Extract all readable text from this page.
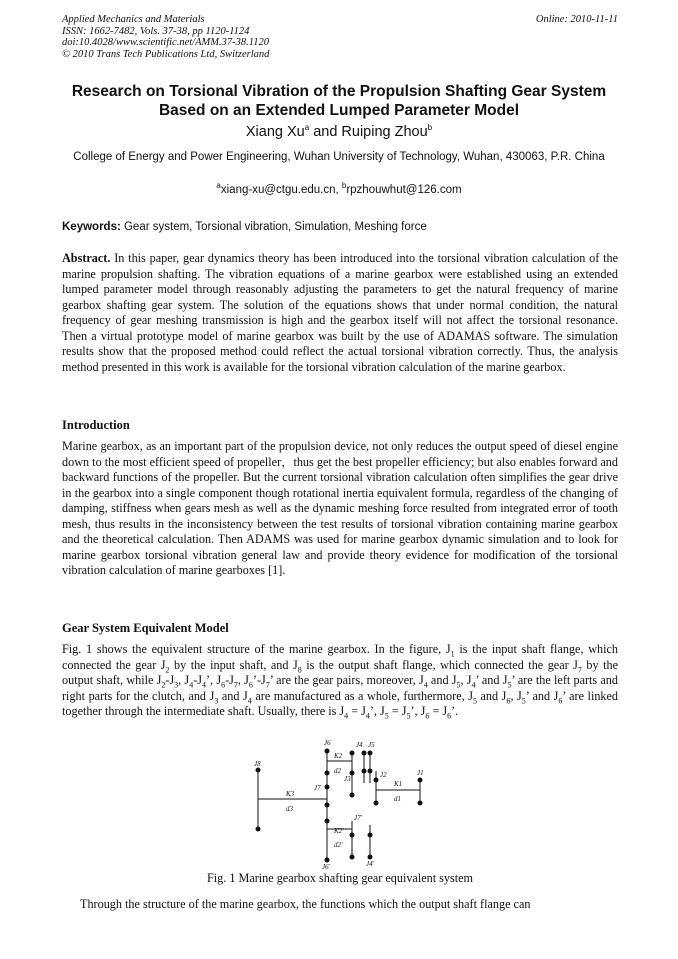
Applied Mechanics and Materials
ISSN: 1662-7482, Vols. 37-38, pp 1120-1124
doi:10.4028/www.scientific.net/AMM.37-38.1120
© 2010 Trans Tech Publications Ltd, Switzerland
Online: 2010-11-11
Research on Torsional Vibration of the Propulsion Shafting Gear System
Based on an Extended Lumped Parameter Model
Xiang Xu$^a$ and Ruiping Zhou$^b$
College of Energy and Power Engineering, Wuhan University of Technology, Wuhan, 430063, P.R. China
$^a$xiang-xu@ctgu.edu.cn, $^b$rpzhouwhut@126.com
Keywords: Gear system, Torsional vibration, Simulation, Meshing force
Abstract. In this paper, gear dynamics theory has been introduced into the torsional vibration calculation of the marine propulsion shafting. The vibration equations of a marine gearbox were established using an extended lumped parameter model through reasonably adjusting the parameters to get the natural frequency of marine gearbox shafting gear system. The solution of the equations shows that under normal condition, the natural frequency of gear meshing transmission is high and the gearbox itself will not affect the torsional resonance. Then a virtual prototype model of marine gearbox was built by the use of ADAMAS software. The simulation results show that the proposed method could reflect the actual torsional vibration correctly. Thus, the analysis method presented in this work is available for the torsional vibration calculation of the marine gearbox.
Introduction
Marine gearbox, as an important part of the propulsion device, not only reduces the output speed of diesel engine down to the most efficient speed of propeller，thus get the best propeller efficiency; but also enables forward and backward functions of the propeller. But the current torsional vibration calculation often simplifies the gear drive in the gearbox into a single component though rotational inertia equivalent formula, regardless of the changing of damping, stiffness when gears mesh as well as the dynamic meshing force resulted from integrated error of tooth mesh, thus results in the inconsistency between the test results of torsional vibration containing marine gearbox and the theoretical calculation. Then ADAMS was used for marine gearbox dynamic simulation and to look for marine gearbox torsional vibration general law and provide theory evidence for modification of the torsional vibration calculation of marine gearboxes [1].
Gear System Equivalent Model
Fig. 1 shows the equivalent structure of the marine gearbox. In the figure, $J_1$ is the input shaft flange, which connected the gear $J_2$ by the input shaft, and $J_8$ is the output shaft flange, which connected the gear $J_7$ by the output shaft, while $J_2-J_3$, $J_4-J_4$’, $J_6-J_7$, $J_6’-J_7$’ are the gear pairs, moreover, $J_4$ and $J_5$, $J_4$’ and $J_5$’ are the left parts and right parts for the clutch, and $J_3$ and $J_4$ are manufactured as a whole, furthermore, $J_5$ and $J_6$, $J_5$’ and $J_6$’ are linked together through the intermediate shaft. Usually, there is $J_4 = J_4$’, $J_5 = J_5$’, $J_6 = J_6$’.
J8
K3
d3
J7
J6
K2
d2
J4 J5
J3	J2	J1
K1
d1
J7'
K2'
d2'
J6'	J4'
Fig. 1 Marine gearbox shafting gear equivalent system
Through the structure of the marine gearbox, the functions which the output shaft flange can
